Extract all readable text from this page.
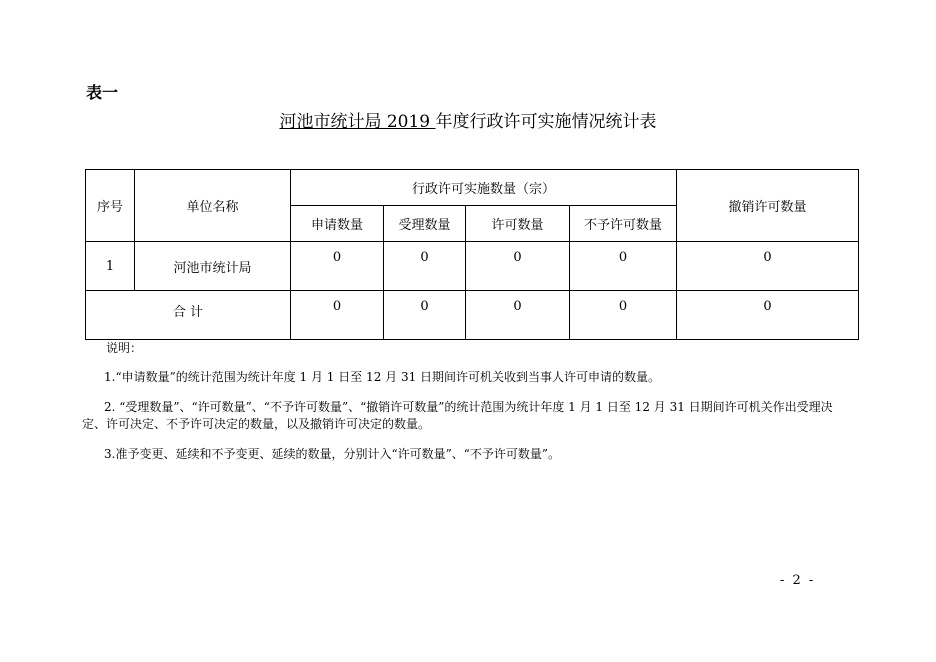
表一
河池市统计局 2019 年度行政许可实施情况统计表
序号	单位名称	行政许可实施数量（宗）				撤销许可数量
		申请数量	受理数量	许可数量	不予许可数量	
1	河池市统计局	0	0	0	0	0
合 计		0	0	0	0	0
说明：
1.“申请数量”的统计范围为统计年度 1 月 1 日至 12 月 31 日期间许可机关收到当事人许可申请的数量。
2. “受理数量”、“许可数量”、“不予许可数量”、“撤销许可数量”的统计范围为统计年度 1 月 1 日至 12 月 31 日期间许可机关作出受理决定、许可决定、不予许可决定的数量，以及撤销许可决定的数量。
3.准予变更、延续和不予变更、延续的数量，分别计入“许可数量”、“不予许可数量”。
- 2 -
